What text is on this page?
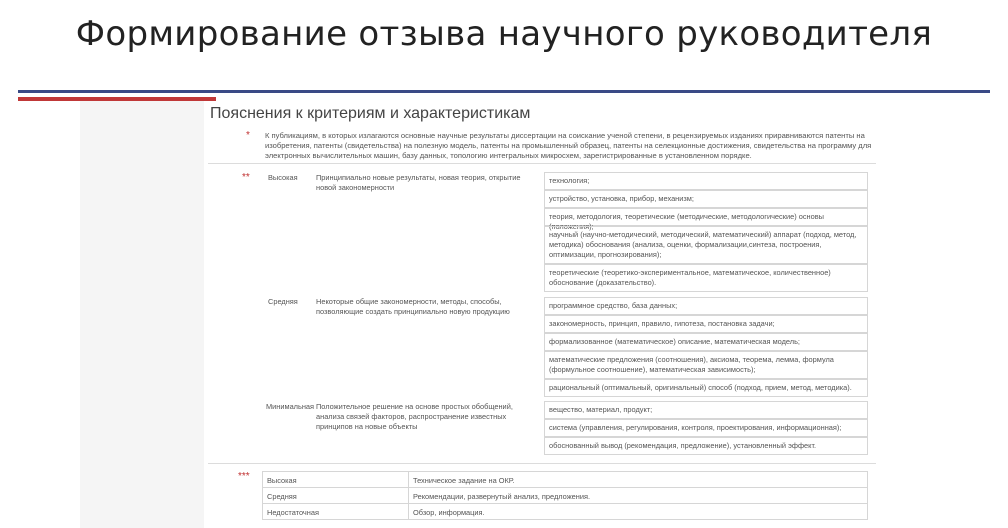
Формирование отзыва научного руководителя
Пояснения к критериям и характеристикам
* К публикациям, в которых излагаются основные научные результаты диссертации на соискание ученой степени, в рецензируемых изданиях приравниваются патенты на изобретения, патенты (свидетельства) на полезную модель, патенты на промышленный образец, патенты на селекционные достижения, свидетельства на программу для электронных вычислительных машин, базу данных, топологию интегральных микросхем, зарегистрированные в установленном порядке.
** Высокая Принципиально новые результаты, новая теория, открытие новой закономерности
технология;
устройство, установка, прибор, механизм;
теория, методология, теоретические (методические, методологические) основы (положения);
научный (научно-методический, методический, математический) аппарат (подход, метод, методика) обоснования (анализа, оценки, формализации,синтеза, построения, оптимизации, прогнозирования);
теоретические (теоретико-экспериментальное, математическое, количественное) обоснование (доказательство).
Средняя Некоторые общие закономерности, методы, способы, позволяющие создать принципиально новую продукцию
программное средство, база данных;
закономерность, принцип, правило, гипотеза, постановка задачи;
формализованное (математическое) описание, математическая модель;
математические предложения (соотношения), аксиома, теорема, лемма, формула (формульное соотношение), математическая зависимость);
рациональный (оптимальный, оригинальный) способ (подход, прием, метод, методика).
Минимальная Положительное решение на основе простых обобщений, анализа связей факторов, распространение известных принципов на новые объекты
вещество, материал, продукт;
система (управления, регулирования, контроля, проектирования, информационная);
обоснованный вывод (рекомендация, предложение), установленный эффект.
*** Высокая	Техническое задание на ОКР.
Средняя	Рекомендации, развернутый анализ, предложения.
Недостаточная	Обзор, информация.
